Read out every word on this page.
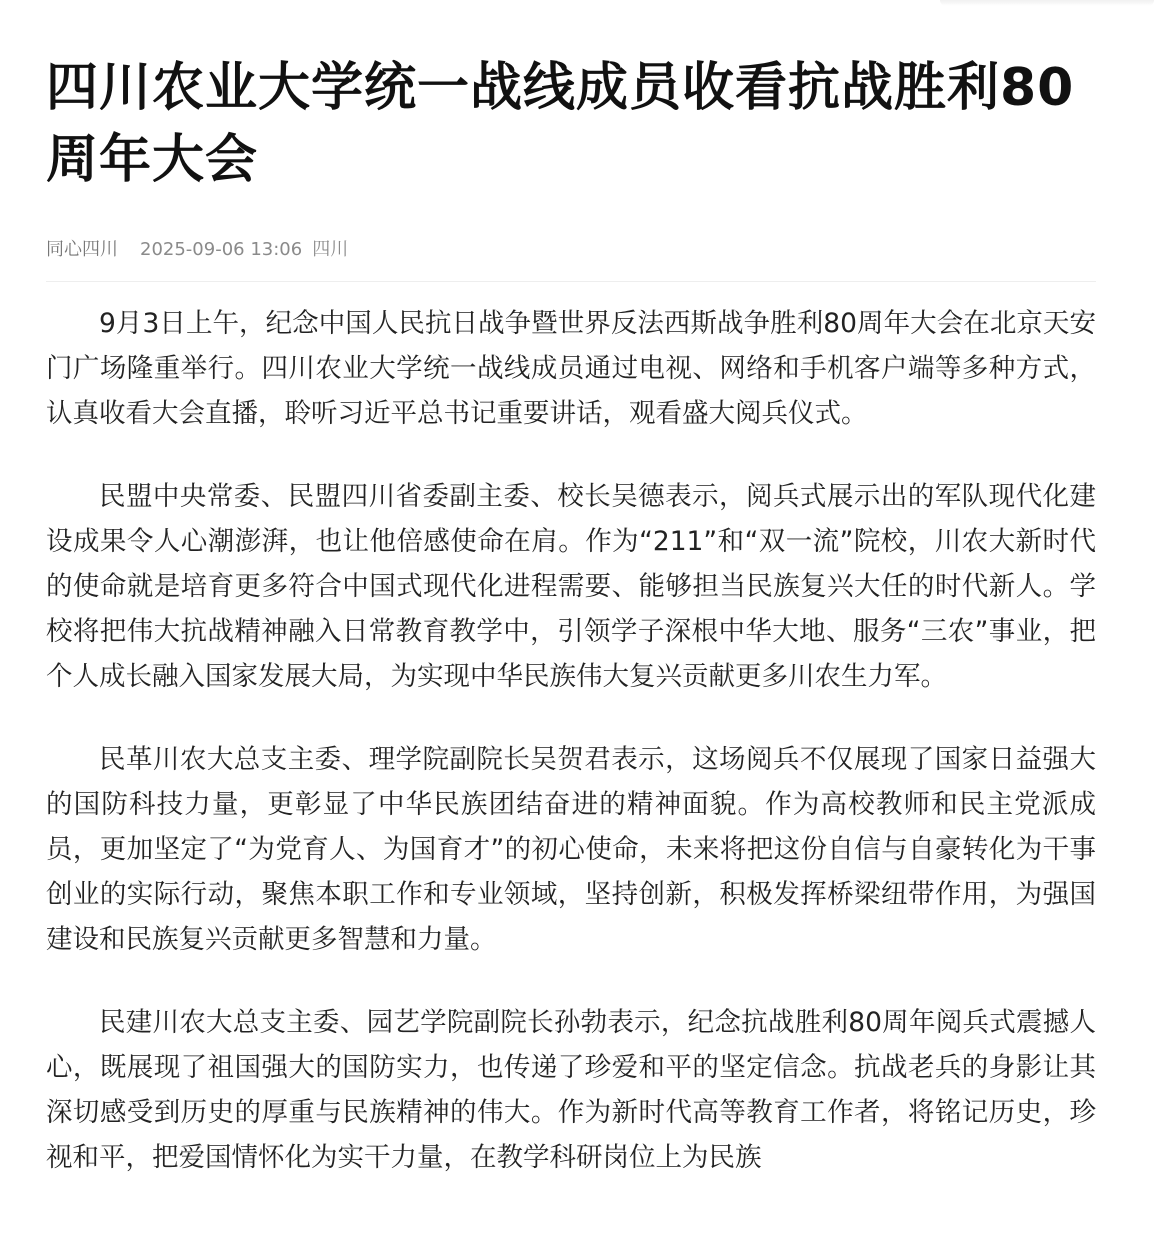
四川农业大学统一战线成员收看抗战胜利80周年大会
同心四川 2025-09-06 13:06 四川

9月3日上午，纪念中国人民抗日战争暨世界反法西斯战争胜利80周年大会在北京天安门广场隆重举行。四川农业大学统一战线成员通过电视、网络和手机客户端等多种方式，认真收看大会直播，聆听习近平总书记重要讲话，观看盛大阅兵仪式。

民盟中央常委、民盟四川省委副主委、校长吴德表示，阅兵式展示出的军队现代化建设成果令人心潮澎湃，也让他倍感使命在肩。作为“211”和“双一流”院校，川农大新时代的使命就是培育更多符合中国式现代化进程需要、能够担当民族复兴大任的时代新人。学校将把伟大抗战精神融入日常教育教学中，引领学子深根中华大地、服务“三农”事业，把个人成长融入国家发展大局，为实现中华民族伟大复兴贡献更多川农生力军。

民革川农大总支主委、理学院副院长吴贺君表示，这场阅兵不仅展现了国家日益强大的国防科技力量，更彰显了中华民族团结奋进的精神面貌。作为高校教师和民主党派成员，更加坚定了“为党育人、为国育才”的初心使命，未来将把这份自信与自豪转化为干事创业的实际行动，聚焦本职工作和专业领域，坚持创新，积极发挥桥梁纽带作用，为强国建设和民族复兴贡献更多智慧和力量。

民建川农大总支主委、园艺学院副院长孙勃表示，纪念抗战胜利80周年阅兵式震撼人心，既展现了祖国强大的国防实力，也传递了珍爱和平的坚定信念。抗战老兵的身影让其深切感受到历史的厚重与民族精神的伟大。作为新时代高等教育工作者，将铭记历史，珍视和平，把爱国情怀化为实干力量，在教学科研岗位上为民族
